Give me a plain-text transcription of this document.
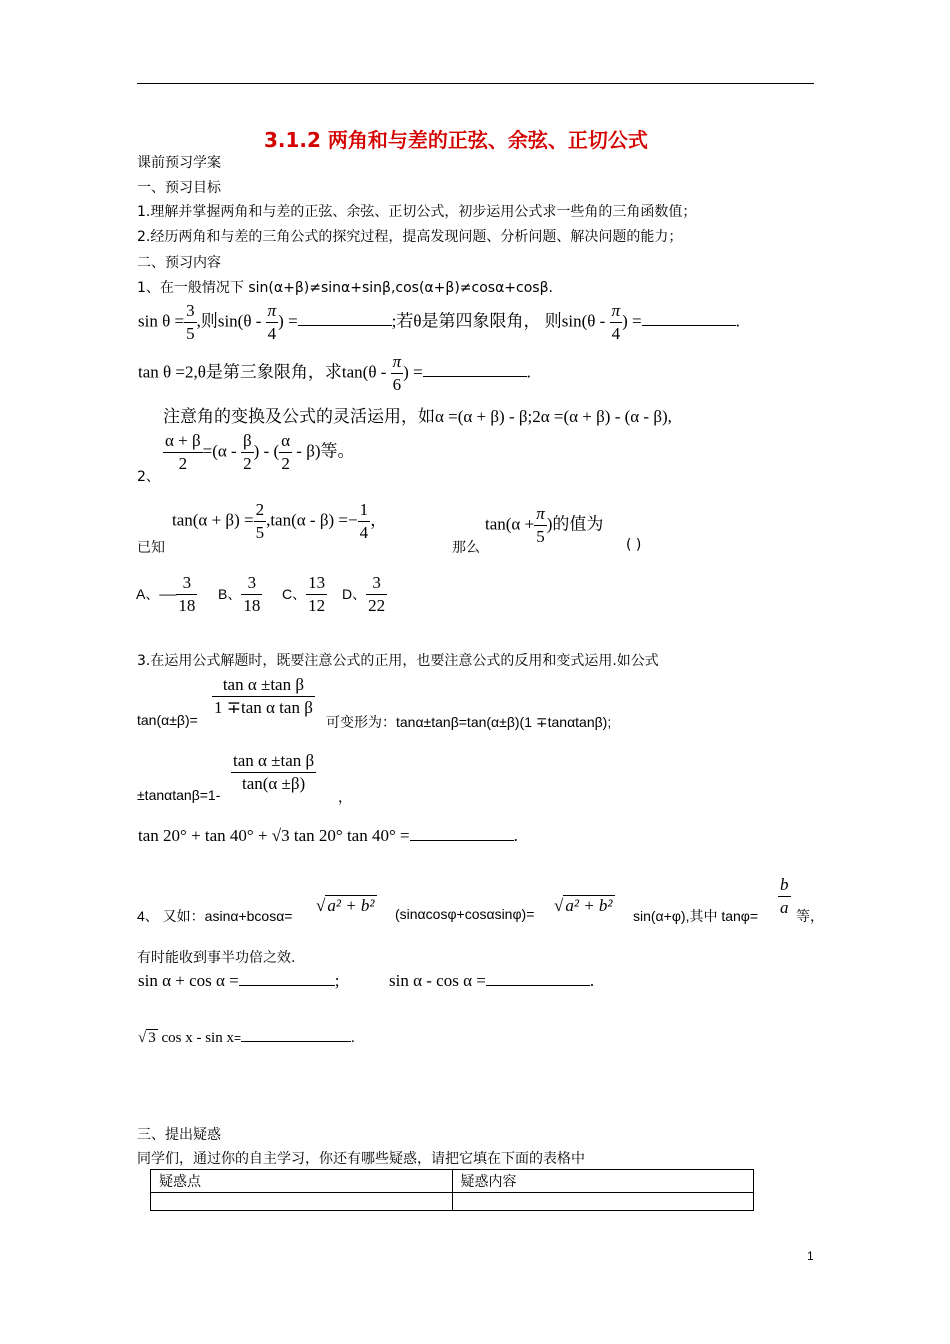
3.1.2 两角和与差的正弦、余弦、正切公式
课前预习学案
一、预习目标
1.理解并掌握两角和与差的正弦、余弦、正切公式，初步运用公式求一些角的三角函数值；
2.经历两角和与差的三角公式的探究过程，提高发现问题、分析问题、解决问题的能力；
二、预习内容
1、在一般情况下 sin(α+β)≠sinα+sinβ,cos(α+β)≠cosα+cosβ.
$\sin \theta = \frac{3}{5}$ ,则$\sin(\theta - \frac{\pi}{4}$ ) =	;若θ是第四象限角， 则$\sin(\theta - \frac{\pi}{4}$ ) =	.
tan θ =2,θ是第三象限角，求$\tan(\theta - \frac{\pi}{6}$ ) =	.
注意角的变换及公式的灵活运用，如α =(α + β) - β;2α =(α + β) - (α - β),
$\frac{\alpha + \beta}{2} =(\alpha - \frac{\beta}{2}$ ) - ( $\frac{\alpha}{2} - \beta$)等。
2、
$\tan(\alpha + \beta) = \frac{2}{5} ,\tan(\alpha - \beta) =- \frac{1}{4}$ ，
已知	那么
$\tan(\alpha + \frac{\pi}{5}$ )的值为
( )
A、— $\frac{3}{18}$ B、 $\frac{3}{18}$ C、 $\frac{13}{12}$ D、 $\frac{3}{22}$
3.在运用公式解题时，既要注意公式的正用，也要注意公式的反用和变式运用.如公式
tan(α±β)=
$\frac{\text{tan α ±tan β}}{\text{1 ∓tan α tan β}}$
可变形为：tanα±tanβ=tan(α±β)(1 ∓tanαtanβ);
$\pm\tan\alpha\tan\beta=1- \frac{\text{tan α ±tan β}}{\tan(\alpha \pm\beta)}$
，
tan 20° + tan 40° + √3 tan 20° tan 40° =	.
4、 又如：asinα+bcosα=
√ a² + b² (sinαcosφ+cosαsinφ)= √ a² + b²
sin(α+φ),其中 $\tan\varphi= \frac{b}{a}$ 等，
有时能收到事半功倍之效.
sin α + cos α =	;	sin α - cos α =	.
√ 3 cos x - sin x=	.
三、提出疑惑
同学们，通过你的自主学习，你还有哪些疑惑，请把它填在下面的表格中
疑惑点	疑惑内容

1
